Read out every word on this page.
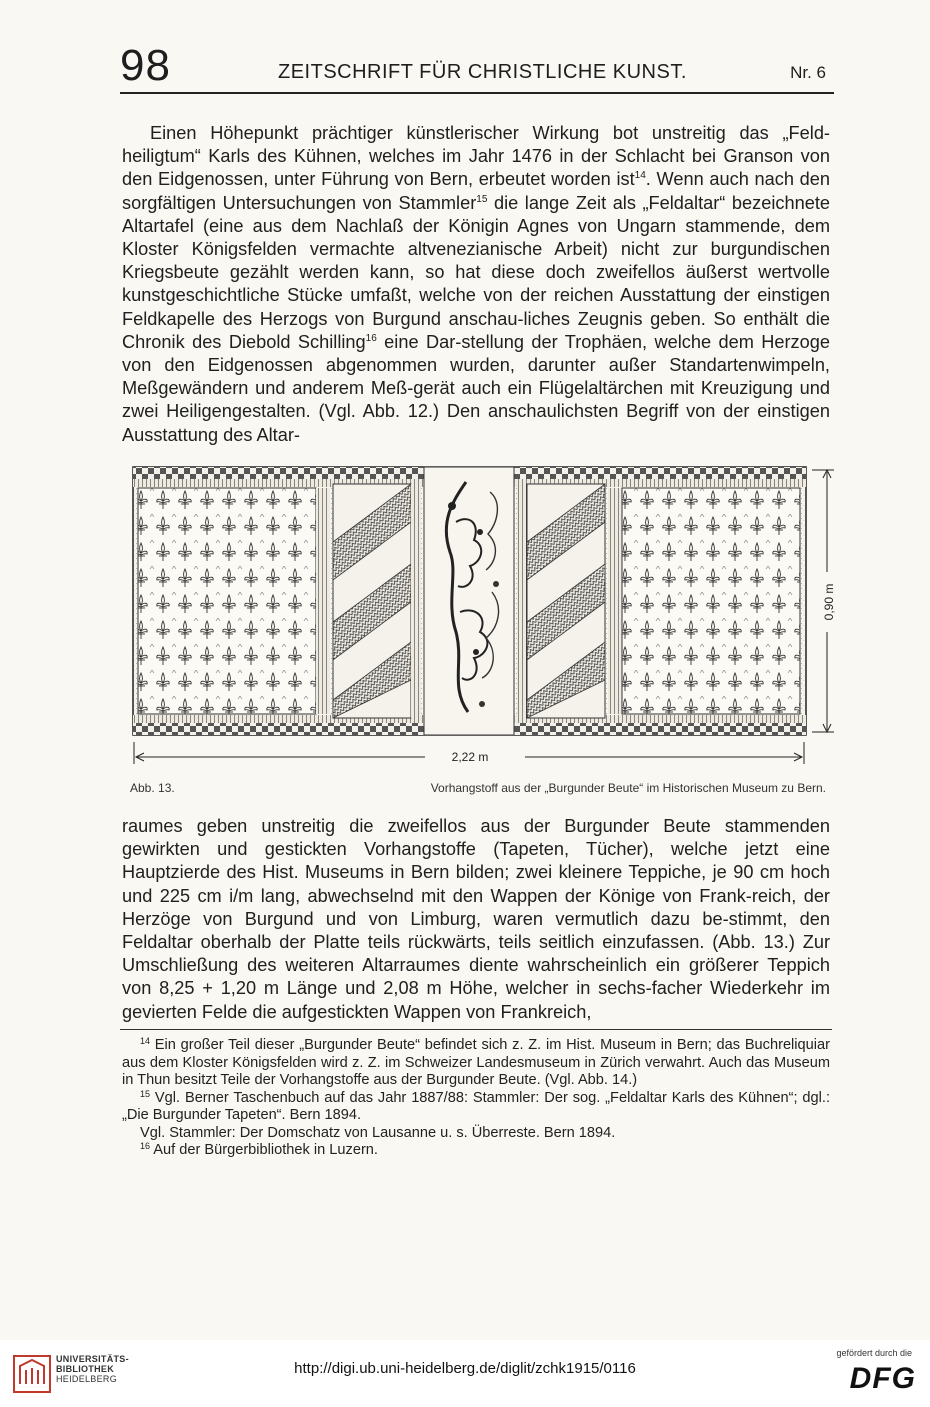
98	ZEITSCHRIFT FÜR CHRISTLICHE KUNST.	Nr. 6

Einen Höhepunkt prächtiger künstlerischer Wirkung bot unstreitig das „Feld-heiligtum“ Karls des Kühnen, welches im Jahr 1476 in der Schlacht bei Granson von den Eidgenossen, unter Führung von Bern, erbeutet worden ist$^{14}$. Wenn auch nach den sorgfältigen Untersuchungen von Stammler$^{15}$ die lange Zeit als „Feldaltar“ bezeichnete Altartafel (eine aus dem Nachlaß der Königin Agnes von Ungarn stammende, dem Kloster Königsfelden vermachte altvenezianische Arbeit) nicht zur burgundischen Kriegsbeute gezählt werden kann, so hat diese doch zweifellos äußerst wertvolle kunstgeschichtliche Stücke umfaßt, welche von der reichen Ausstattung der einstigen Feldkapelle des Herzogs von Burgund anschau-liches Zeugnis geben. So enthält die Chronik des Diebold Schilling$^{16}$ eine Dar-stellung der Trophäen, welche dem Herzoge von den Eidgenossen abgenommen wurden, darunter außer Standartenwimpeln, Meßgewändern und anderem Meß-gerät auch ein Flügelaltärchen mit Kreuzigung und zwei Heiligengestalten. (Vgl. Abb. 12.) Den anschaulichsten Begriff von der einstigen Ausstattung des Altar-

0,90 m
2,22 m
Abb. 13.	Vorhangstoff aus der „Burgunder Beute“ im Historischen Museum zu Bern.

raumes geben unstreitig die zweifellos aus der Burgunder Beute stammenden gewirkten und gestickten Vorhangstoffe (Tapeten, Tücher), welche jetzt eine Hauptzierde des Hist. Museums in Bern bilden; zwei kleinere Teppiche, je 90 cm hoch und 225 cm i/m lang, abwechselnd mit den Wappen der Könige von Frank-reich, der Herzöge von Burgund und von Limburg, waren vermutlich dazu be-stimmt, den Feldaltar oberhalb der Platte teils rückwärts, teils seitlich einzufassen. (Abb. 13.) Zur Umschließung des weiteren Altarraumes diente wahrscheinlich ein größerer Teppich von 8,25 + 1,20 m Länge und 2,08 m Höhe, welcher in sechs-facher Wiederkehr im gevierten Felde die aufgestickten Wappen von Frankreich,

$^{14}$ Ein großer Teil dieser „Burgunder Beute“ befindet sich z. Z. im Hist. Museum in Bern; das Buchreliquiar aus dem Kloster Königsfelden wird z. Z. im Schweizer Landesmuseum in Zürich verwahrt. Auch das Museum in Thun besitzt Teile der Vorhangstoffe aus der Burgunder Beute. (Vgl. Abb. 14.)

$^{15}$ Vgl. Berner Taschenbuch auf das Jahr 1887/88: Stammler: Der sog. „Feldaltar Karls des Kühnen“; dgl.: „Die Burgunder Tapeten“. Bern 1894.

Vgl. Stammler: Der Domschatz von Lausanne u. s. Überreste. Bern 1894.

$^{16}$ Auf der Bürgerbibliothek in Luzern.

UNIVERSITÄTS-
BIBLIOTHEK
HEIDELBERG
http://digi.ub.uni-heidelberg.de/diglit/zchk1915/0116
gefördert durch die
DFG
